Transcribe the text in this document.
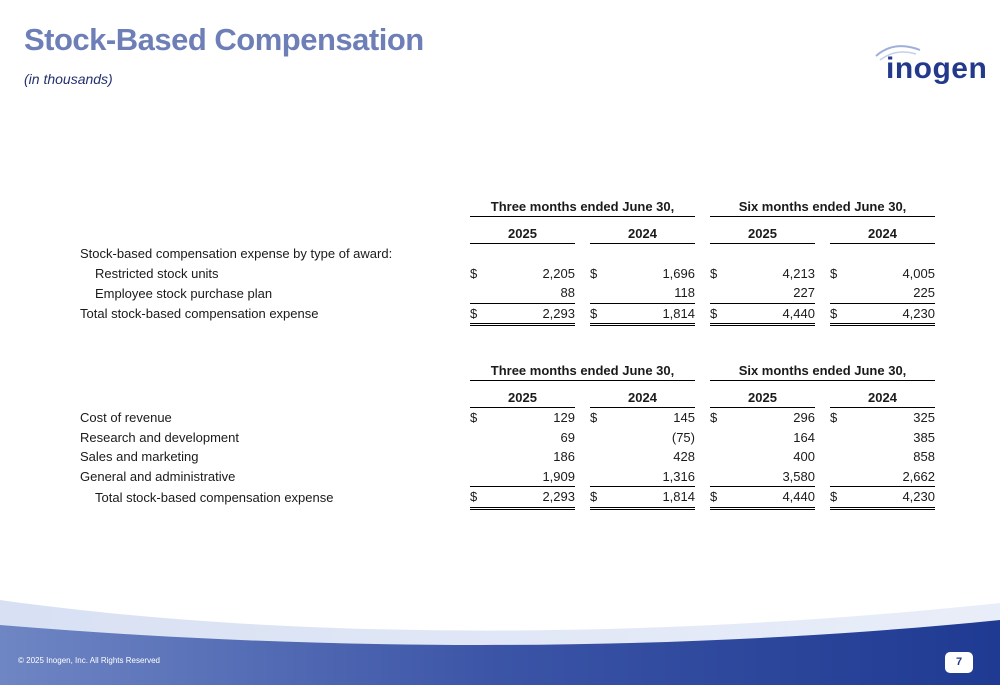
Stock-Based Compensation
(in thousands)	inogen
	Three months ended June 30,						Six months ended June 30,				
	2025			2024			2025			2024	
Stock-based compensation expense by type of award:											
Restricted stock units	$	2,205		$	1,696		$	4,213		$	4,005
Employee stock purchase plan		88			118			227			225
Total stock-based compensation expense	$	2,293		$	1,814		$	4,440		$	4,230
	Three months ended June 30,						Six months ended June 30,				
	2025			2024			2025			2024	
Cost of revenue	$	129		$	145		$	296		$	325
Research and development		69			(75)			164			385
Sales and marketing		186			428			400			858
General and administrative		1,909			1,316			3,580			2,662
Total stock-based compensation expense	$	2,293		$	1,814		$	4,440		$	4,230
© 2025 Inogen, Inc. All Rights Reserved	7
